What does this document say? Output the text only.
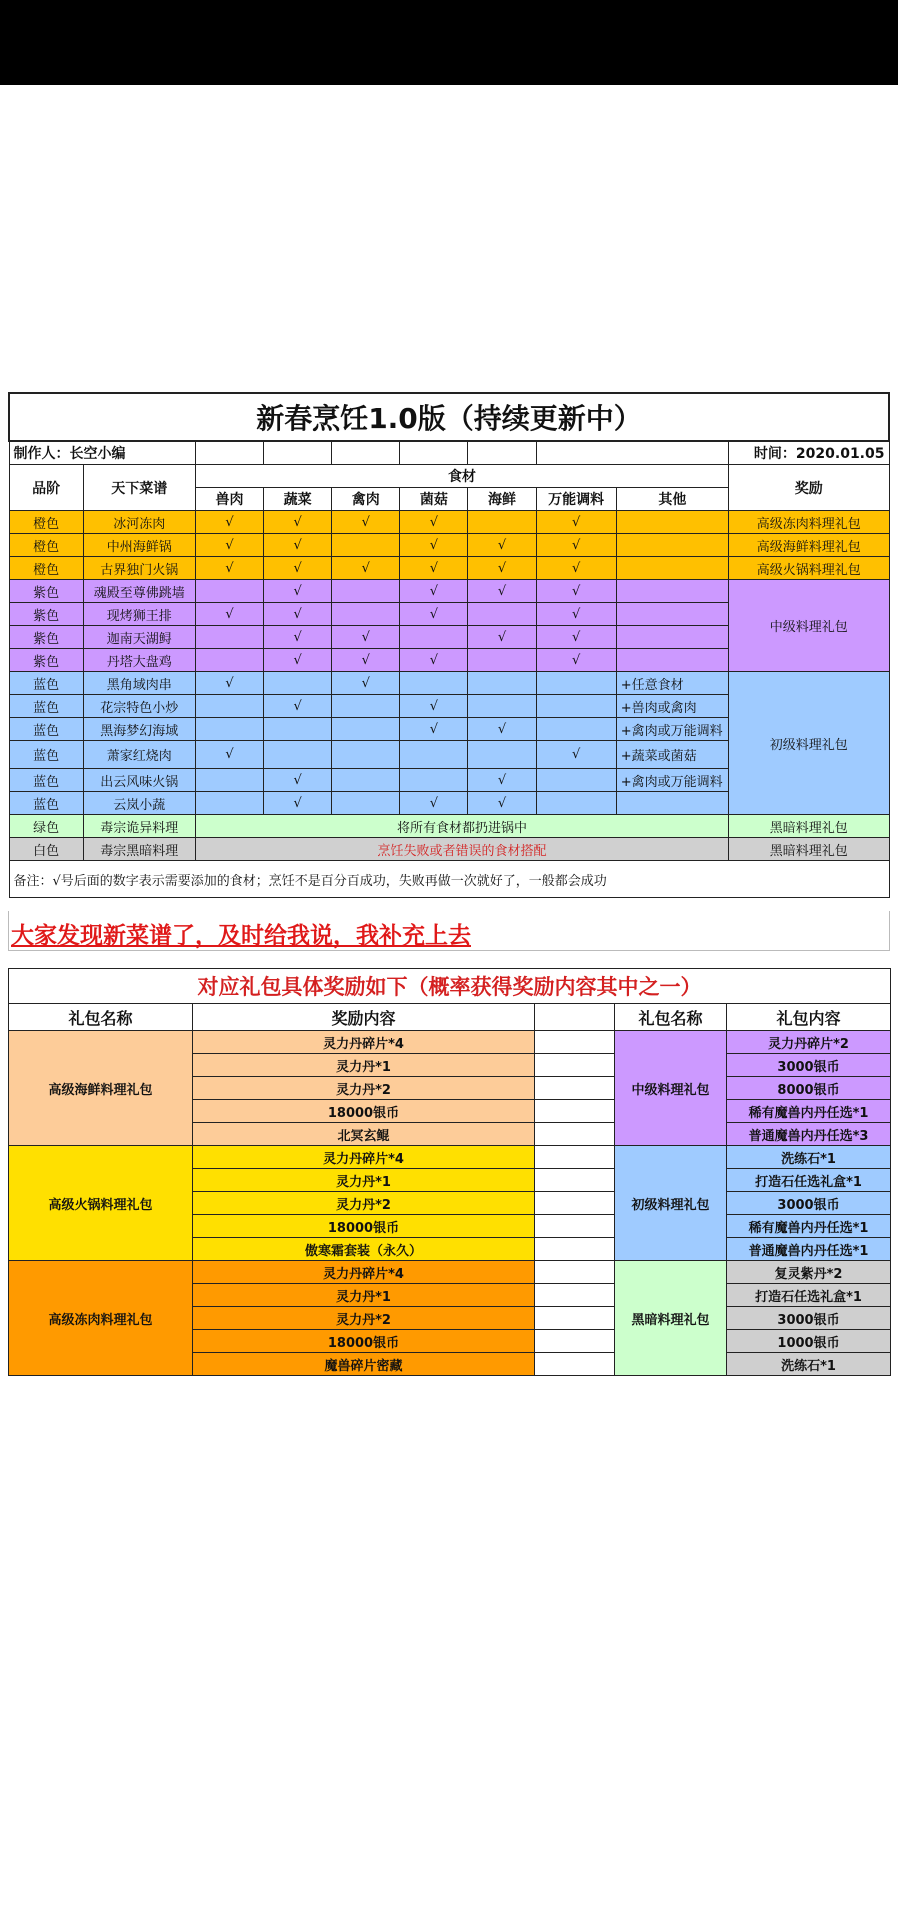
新春烹饪1.0版（持续更新中）									
制作人：长空小编									时间：2020.01.05
品阶	天下菜谱	食材							奖励
		兽肉	蔬菜	禽肉	菌菇	海鲜	万能调料	其他	
橙色	冰河冻肉	√	√	√	√		√		高级冻肉料理礼包
橙色	中州海鲜锅	√	√		√	√	√		高级海鲜料理礼包
橙色	古界独门火锅	√	√	√	√	√	√		高级火锅料理礼包
紫色	魂殿至尊佛跳墙		√		√	√	√		中级料理礼包
紫色	现烤狮王排	√	√		√		√		
紫色	迦南天湖鲟		√	√		√	√		
紫色	丹塔大盘鸡		√	√	√		√		
蓝色	黑角域肉串	√		√				+任意食材	初级料理礼包
蓝色	花宗特色小炒		√		√			+兽肉或禽肉	
蓝色	黑海梦幻海域				√	√		+禽肉或万能调料	
蓝色	萧家红烧肉	√					√	+蔬菜或菌菇	
蓝色	出云风味火锅		√			√		+禽肉或万能调料	
蓝色	云岚小蔬		√		√	√			
绿色	毒宗诡异料理	将所有食材都扔进锅中							黑暗料理礼包
白色	毒宗黑暗料理	烹饪失败或者错误的食材搭配							黑暗料理礼包
备注：√号后面的数字表示需要添加的食材；烹饪不是百分百成功，失败再做一次就好了，一般都会成功									
大家发现新菜谱了，及时给我说，我补充上去
对应礼包具体奖励如下（概率获得奖励内容其中之一）				
礼包名称	奖励内容		礼包名称	礼包内容
高级海鲜料理礼包	灵力丹碎片*4		中级料理礼包	灵力丹碎片*2
	灵力丹*1			3000银币
	灵力丹*2			8000银币
	18000银币			稀有魔兽内丹任选*1
	北冥玄鲲			普通魔兽内丹任选*3
高级火锅料理礼包	灵力丹碎片*4		初级料理礼包	洗练石*1
	灵力丹*1			打造石任选礼盒*1
	灵力丹*2			3000银币
	18000银币			稀有魔兽内丹任选*1
	傲寒霜套装（永久）			普通魔兽内丹任选*1
高级冻肉料理礼包	灵力丹碎片*4		黑暗料理礼包	复灵紫丹*2
	灵力丹*1			打造石任选礼盒*1
	灵力丹*2			3000银币
	18000银币			1000银币
	魔兽碎片密藏			洗练石*1
